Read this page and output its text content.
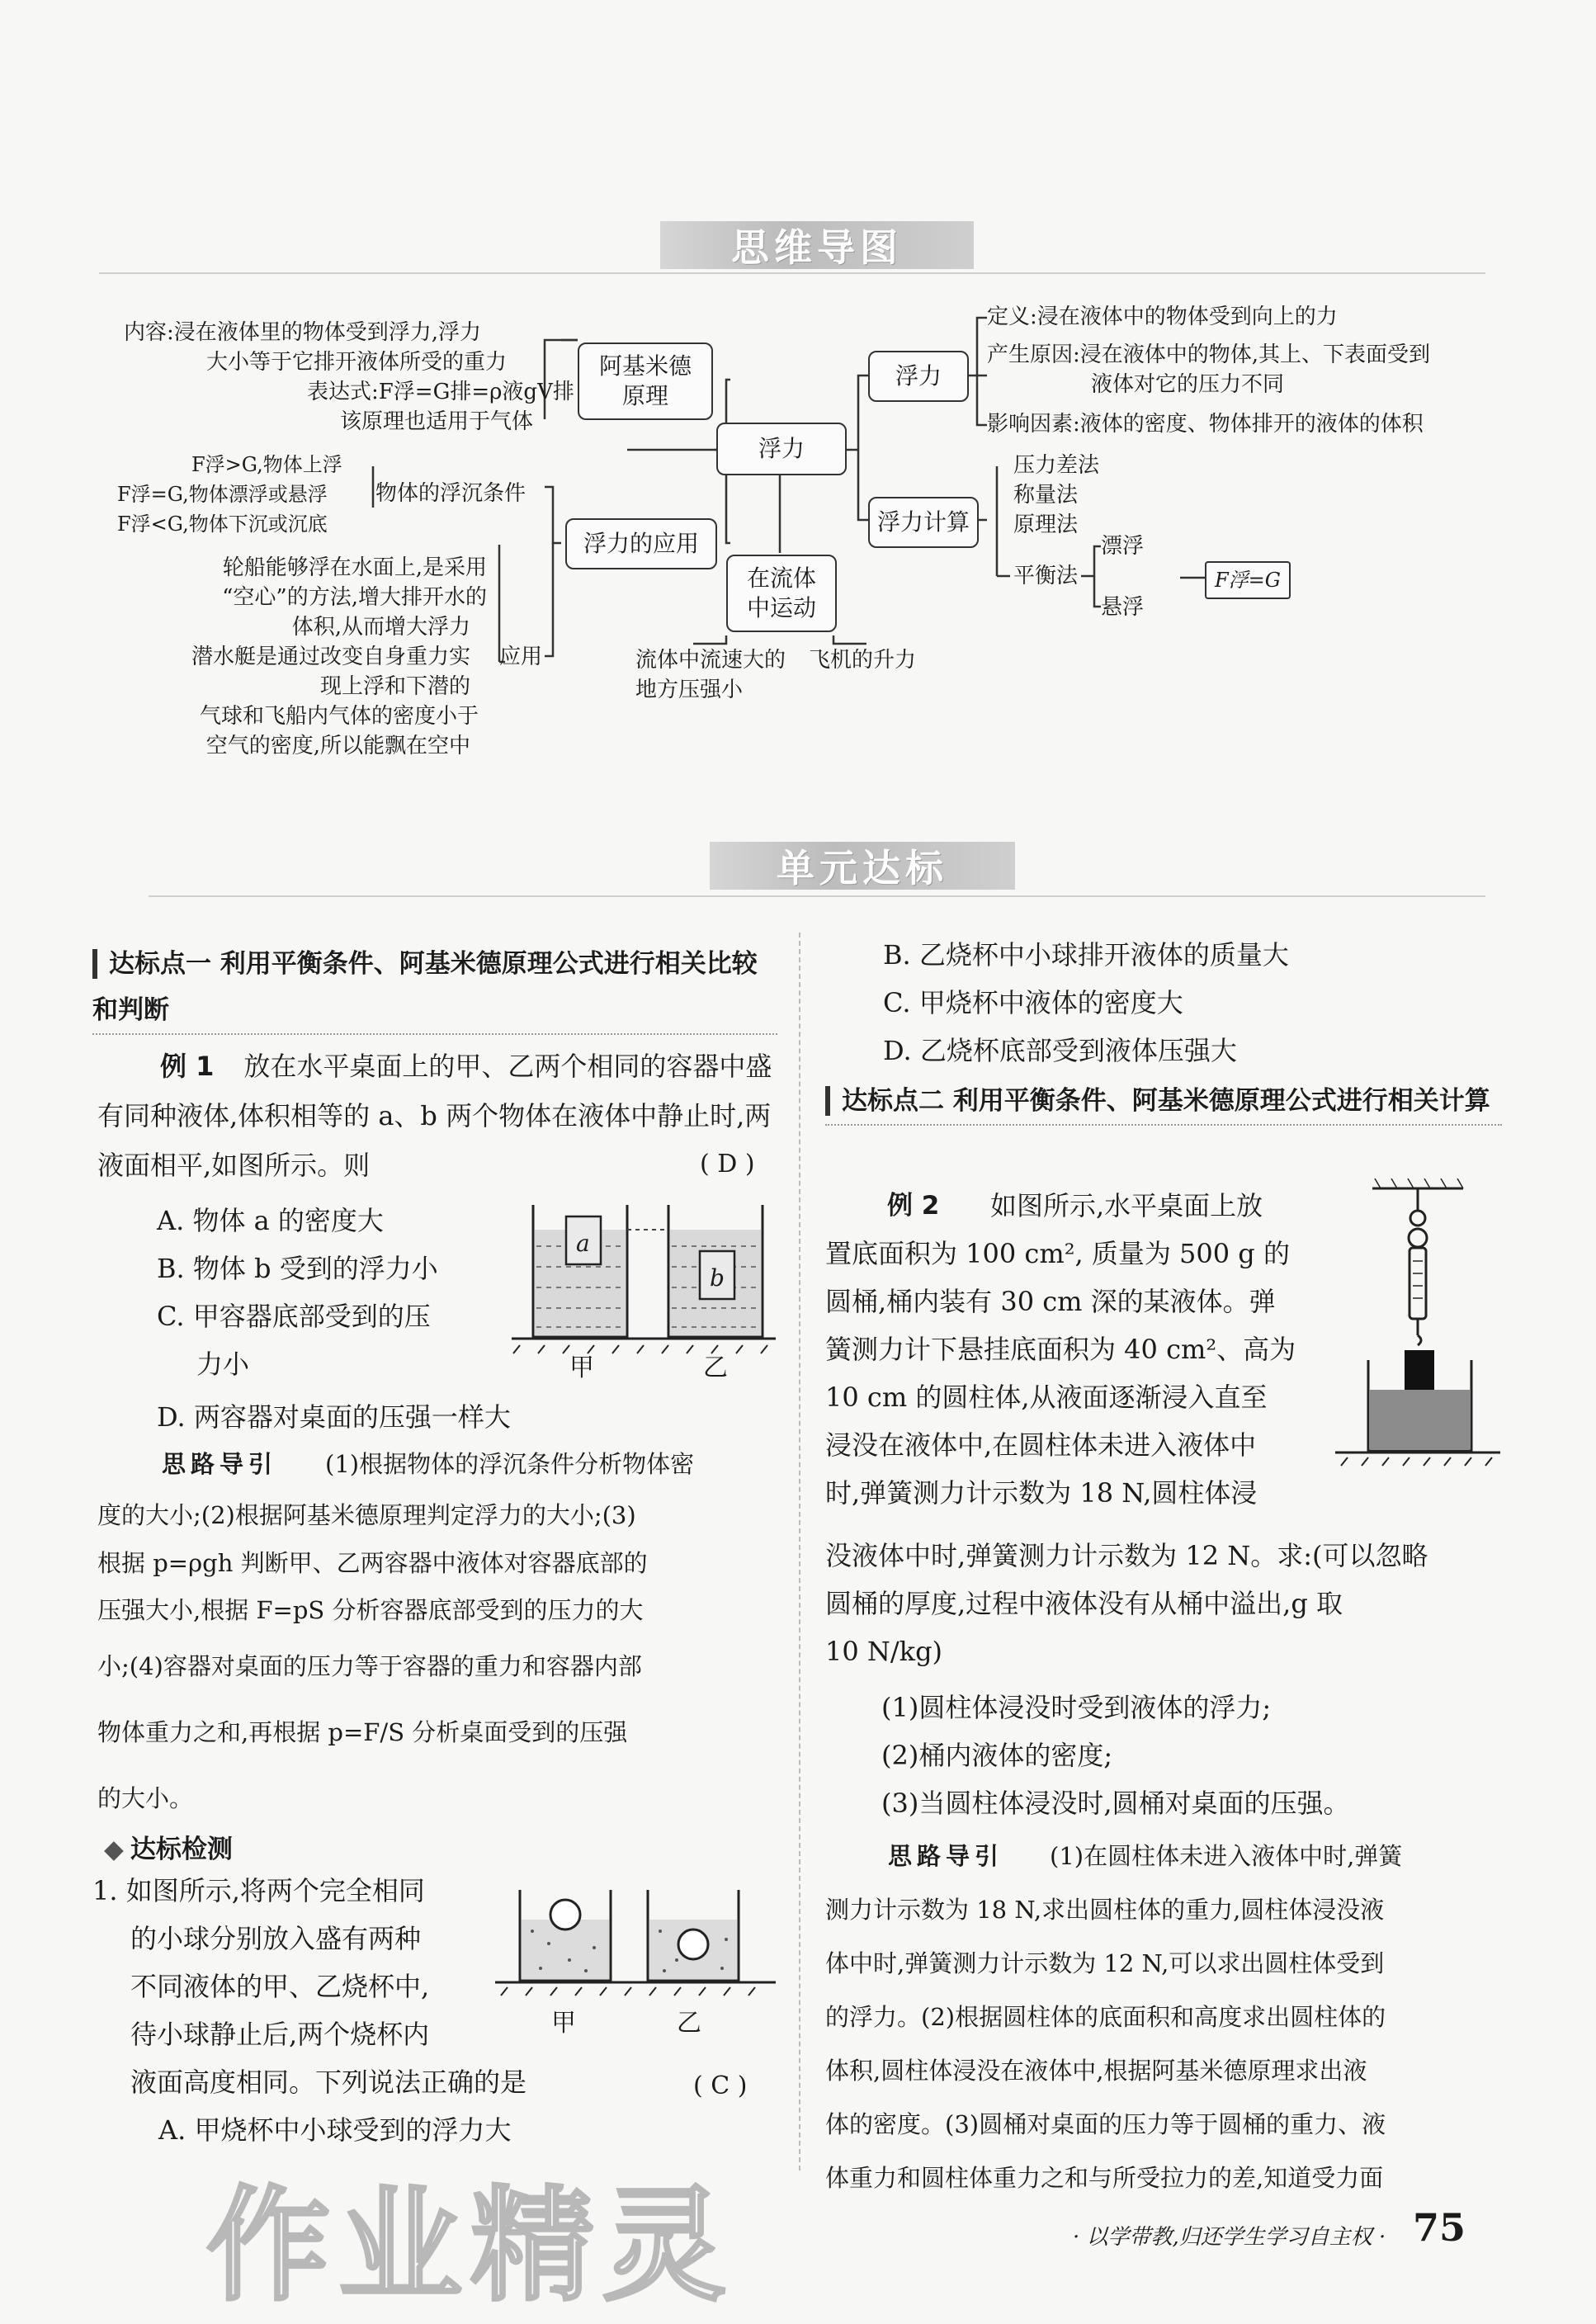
思维导图
阿基米德原理
内容:浸在液体里的物体受到浮力,浮力
大小等于它排开液体所受的重力
表达式:F浮=G排=ρ液gV排
该原理也适用于气体
浮力
浮力
定义:浸在液体中的物体受到向上的力
产生原因:浸在液体中的物体,其上、下表面受到
液体对它的压力不同
影响因素:液体的密度、物体排开的液体的体积
浮力计算
压力差法
称量法
原理法
平衡法
漂浮
悬浮
F浮=G
浮力的应用
物体的浮沉条件
F浮>G,物体上浮
F浮=G,物体漂浮或悬浮
F浮<G,物体下沉或沉底
应用
轮船能够浮在水面上,是采用
“空心”的方法,增大排开水的
体积,从而增大浮力
潜水艇是通过改变自身重力实
现上浮和下潜的
气球和飞船内气体的密度小于
空气的密度,所以能飘在空中
在流体中运动
流体中流速大的地方压强小
飞机的升力
单元达标
达标点一 利用平衡条件、阿基米德原理公式进行相关比较和判断
例 1 放在水平桌面上的甲、乙两个相同的容器中盛有同种液体,体积相等的 a、b 两个物体在液体中静止时,两液面相平,如图所示。则	( D )
A. 物体 a 的密度大
B. 物体 b 受到的浮力小
C. 甲容器底部受到的压
力小
D. 两容器对桌面的压强一样大
a
b
甲	乙
思路导引 (1)根据物体的浮沉条件分析物体密
度的大小;(2)根据阿基米德原理判定浮力的大小;(3)
根据 p=ρgh 判断甲、乙两容器中液体对容器底部的
压强大小,根据 F=pS 分析容器底部受到的压力的大
小;(4)容器对桌面的压力等于容器的重力和容器内部
物体重力之和,再根据 p=F/S 分析桌面受到的压强
的大小。
◆ 达标检测
1. 如图所示,将两个完全相同
的小球分别放入盛有两种
不同液体的甲、乙烧杯中,
待小球静止后,两个烧杯内
液面高度相同。下列说法正确的是	( C )
A. 甲烧杯中小球受到的浮力大
甲	乙
B. 乙烧杯中小球排开液体的质量大
C. 甲烧杯中液体的密度大
D. 乙烧杯底部受到液体压强大
达标点二 利用平衡条件、阿基米德原理公式进行相关计算
例 2 如图所示,水平桌面上放
置底面积为 100 cm², 质量为 500 g 的
圆桶,桶内装有 30 cm 深的某液体。弹
簧测力计下悬挂底面积为 40 cm²、高为
10 cm 的圆柱体,从液面逐渐浸入直至
浸没在液体中,在圆柱体未进入液体中
时,弹簧测力计示数为 18 N,圆柱体浸
没液体中时,弹簧测力计示数为 12 N。求:(可以忽略
圆桶的厚度,过程中液体没有从桶中溢出,g 取
10 N/kg)
(1)圆柱体浸没时受到液体的浮力;
(2)桶内液体的密度;
(3)当圆柱体浸没时,圆桶对桌面的压强。
思路导引 (1)在圆柱体未进入液体中时,弹簧
测力计示数为 18 N,求出圆柱体的重力,圆柱体浸没液
体中时,弹簧测力计示数为 12 N,可以求出圆柱体受到
的浮力。(2)根据圆柱体的底面积和高度求出圆柱体的
体积,圆柱体浸没在液体中,根据阿基米德原理求出液
体的密度。(3)圆桶对桌面的压力等于圆桶的重力、液
体重力和圆柱体重力之和与所受拉力的差,知道受力面
· 以学带教,归还学生学习自主权 · 75
作业精灵
